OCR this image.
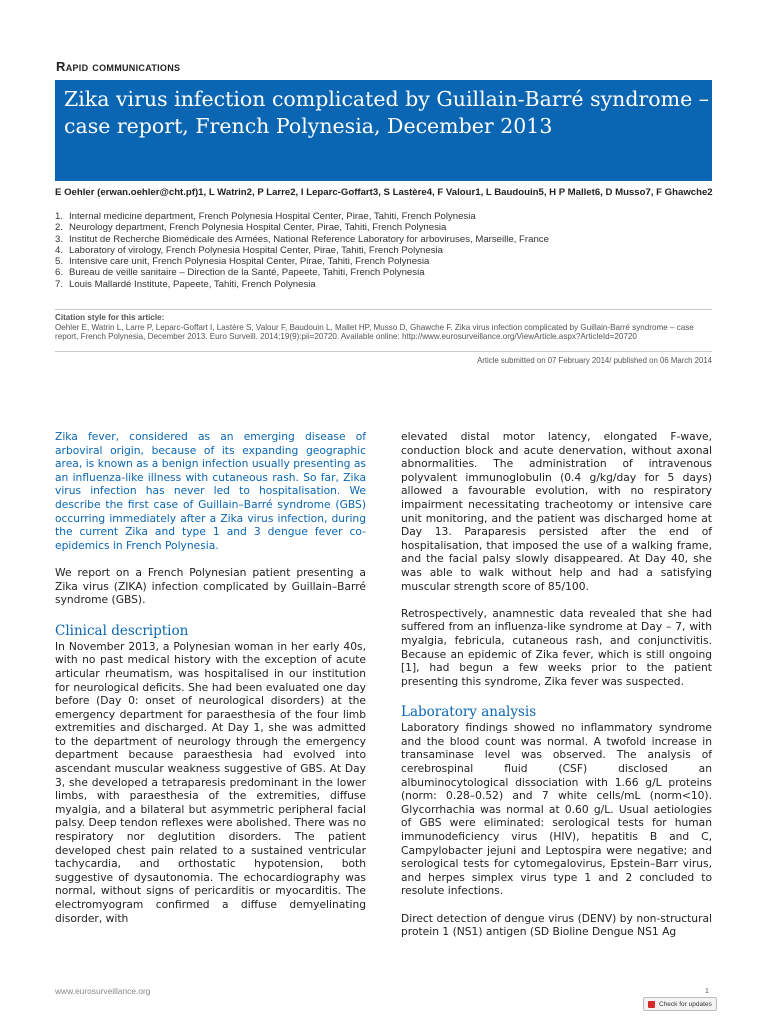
Rapid communications
Zika virus infection complicated by Guillain-Barré syndrome – case report, French Polynesia, December 2013
E Oehler (erwan.oehler@cht.pf)1, L Watrin2, P Larre2, I Leparc-Goffart3, S Lastère4, F Valour1, L Baudouin5, H P Mallet6, D Musso7, F Ghawche2
1. Internal medicine department, French Polynesia Hospital Center, Pirae, Tahiti, French Polynesia
2. Neurology department, French Polynesia Hospital Center, Pirae, Tahiti, French Polynesia
3. Institut de Recherche Biomédicale des Armées, National Reference Laboratory for arboviruses, Marseille, France
4. Laboratory of virology, French Polynesia Hospital Center, Pirae, Tahiti, French Polynesia
5. Intensive care unit, French Polynesia Hospital Center, Pirae, Tahiti, French Polynesia
6. Bureau de veille sanitaire – Direction de la Santé, Papeete, Tahiti, French Polynesia
7. Louis Mallardé Institute, Papeete, Tahiti, French Polynesia
Citation style for this article:
Oehler E, Watrin L, Larre P, Leparc-Goffart I, Lastère S, Valour F, Baudouin L, Mallet HP, Musso D, Ghawche F. Zika virus infection complicated by Guillain-Barré syndrome – case report, French Polynesia, December 2013. Euro Surveill. 2014;19(9):pii=20720. Available online: http://www.eurosurveillance.org/ViewArticle.aspx?ArticleId=20720
Article submitted on 07 February 2014/ published on 06 March 2014

Zika fever, considered as an emerging disease of arboviral origin, because of its expanding geographic area, is known as a benign infection usually presenting as an influenza-like illness with cutaneous rash. So far, Zika virus infection has never led to hospitalisation. We describe the first case of Guillain–Barré syndrome (GBS) occurring immediately after a Zika virus infection, during the current Zika and type 1 and 3 dengue fever co-epidemics in French Polynesia.

We report on a French Polynesian patient presenting a Zika virus (ZIKA) infection complicated by Guillain–Barré syndrome (GBS).

Clinical description

In November 2013, a Polynesian woman in her early 40s, with no past medical history with the exception of acute articular rheumatism, was hospitalised in our institution for neurological deficits. She had been evaluated one day before (Day 0: onset of neurological disorders) at the emergency department for paraesthesia of the four limb extremities and discharged. At Day 1, she was admitted to the department of neurology through the emergency department because paraesthesia had evolved into ascendant muscular weakness suggestive of GBS. At Day 3, she developed a tetraparesis predominant in the lower limbs, with paraesthesia of the extremities, diffuse myalgia, and a bilateral but asymmetric peripheral facial palsy. Deep tendon reflexes were abolished. There was no respiratory nor deglutition disorders. The patient developed chest pain related to a sustained ventricular tachycardia, and orthostatic hypotension, both suggestive of dysautonomia. The echocardiography was normal, without signs of pericarditis or myocarditis. The electromyogram confirmed a diffuse demyelinating disorder, with

elevated distal motor latency, elongated F-wave, conduction block and acute denervation, without axonal abnormalities. The administration of intravenous polyvalent immunoglobulin (0.4 g/kg/day for 5 days) allowed a favourable evolution, with no respiratory impairment necessitating tracheotomy or intensive care unit monitoring, and the patient was discharged home at Day 13. Paraparesis persisted after the end of hospitalisation, that imposed the use of a walking frame, and the facial palsy slowly disappeared. At Day 40, she was able to walk without help and had a satisfying muscular strength score of 85/100.

Retrospectively, anamnestic data revealed that she had suffered from an influenza-like syndrome at Day – 7, with myalgia, febricula, cutaneous rash, and conjunctivitis. Because an epidemic of Zika fever, which is still ongoing [1], had begun a few weeks prior to the patient presenting this syndrome, Zika fever was suspected.

Laboratory analysis

Laboratory findings showed no inflammatory syndrome and the blood count was normal. A twofold increase in transaminase level was observed. The analysis of cerebrospinal fluid (CSF) disclosed an albuminocytological dissociation with 1.66 g/L proteins (norm: 0.28–0.52) and 7 white cells/mL (norm<10). Glycorrhachia was normal at 0.60 g/L. Usual aetiologies of GBS were eliminated: serological tests for human immunodeficiency virus (HIV), hepatitis B and C, Campylobacter jejuni and Leptospira were negative; and serological tests for cytomegalovirus, Epstein–Barr virus, and herpes simplex virus type 1 and 2 concluded to resolute infections.

Direct detection of dengue virus (DENV) by non-structural protein 1 (NS1) antigen (SD Bioline Dengue NS1 Ag

www.eurosurveillance.org	1
Check for updates
